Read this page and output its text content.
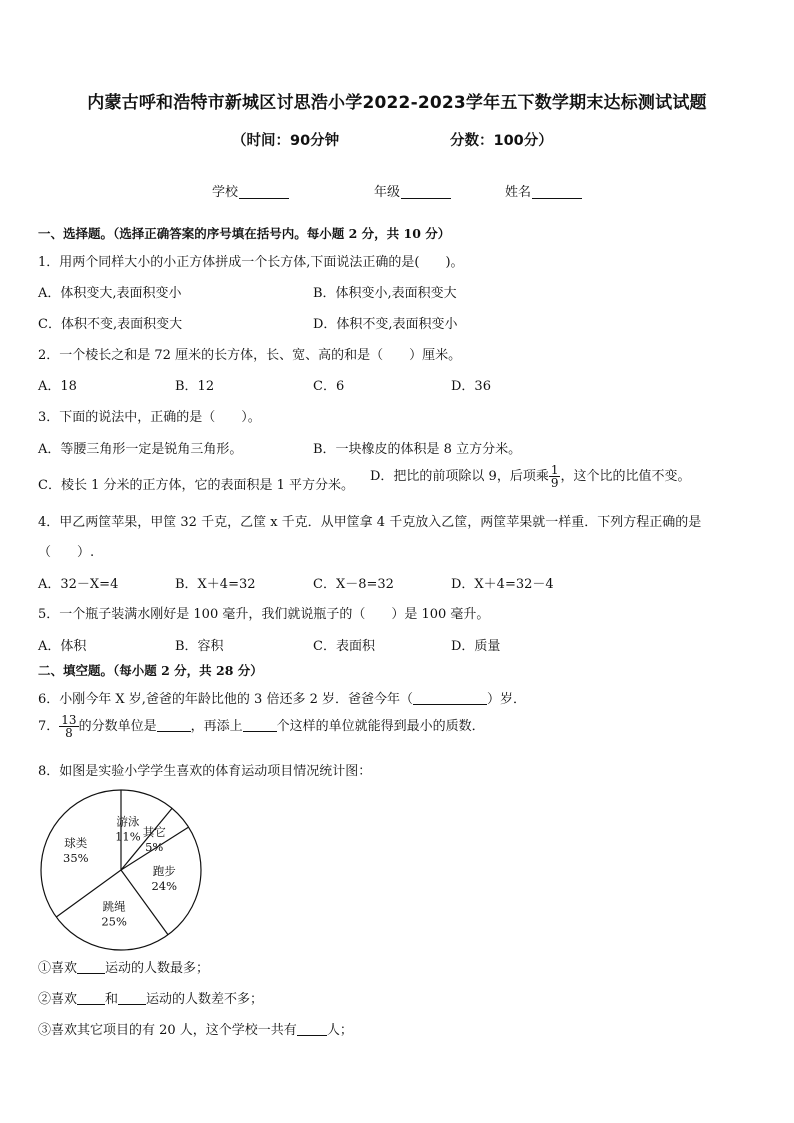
内蒙古呼和浩特市新城区讨思浩小学2022-2023学年五下数学期末达标测试试题
（时间：90分钟	分数：100分）
学校	年级	姓名
一、选择题。（选择正确答案的序号填在括号内。每小题 2 分，共 10 分）
1．用两个同样大小的小正方体拼成一个长方体,下面说法正确的是(　　)。
A．体积变大,表面积变小	B．体积变小,表面积变大
C．体积不变,表面积变大	D．体积不变,表面积变小
2．一个棱长之和是 72 厘米的长方体，长、宽、高的和是（　　）厘米。
A．18	B．12	C．6	D．36
3．下面的说法中，正确的是（　　）。
A．等腰三角形一定是锐角三角形。	B．一块橡皮的体积是 8 立方分米。
C．棱长 1 分米的正方体，它的表面积是 1 平方分米。
D．把比的前项除以 9，后项乘 $\frac{1}{9}$ ，这个比的比值不变。
4．甲乙两筐苹果，甲筐 32 千克，乙筐 x 千克．从甲筐拿 4 千克放入乙筐，两筐苹果就一样重．下列方程正确的是
（　　）.
A．32－X=4	B．X＋4=32	C．X－8=32	D．X＋4=32－4
5．一个瓶子装满水刚好是 100 毫升，我们就说瓶子的（　　）是 100 毫升。
A．体积	B．容积	C．表面积	D．质量
二、填空题。（每小题 2 分，共 28 分）
6．小刚今年 X 岁,爸爸的年龄比他的 3 倍还多 2 岁．爸爸今年（	）岁．
7． $\frac{13}{8}$ 的分数单位是	，再添上	个这样的单位就能得到最小的质数．
8．如图是实验小学学生喜欢的体育运动项目情况统计图：
游泳
11% 其它
5%
跑步
24%
跳绳
25%
球类
35%
①喜欢 运动的人数最多；
②喜欢 和 运动的人数差不多；
③喜欢其它项目的有 20 人，这个学校一共有 人；
